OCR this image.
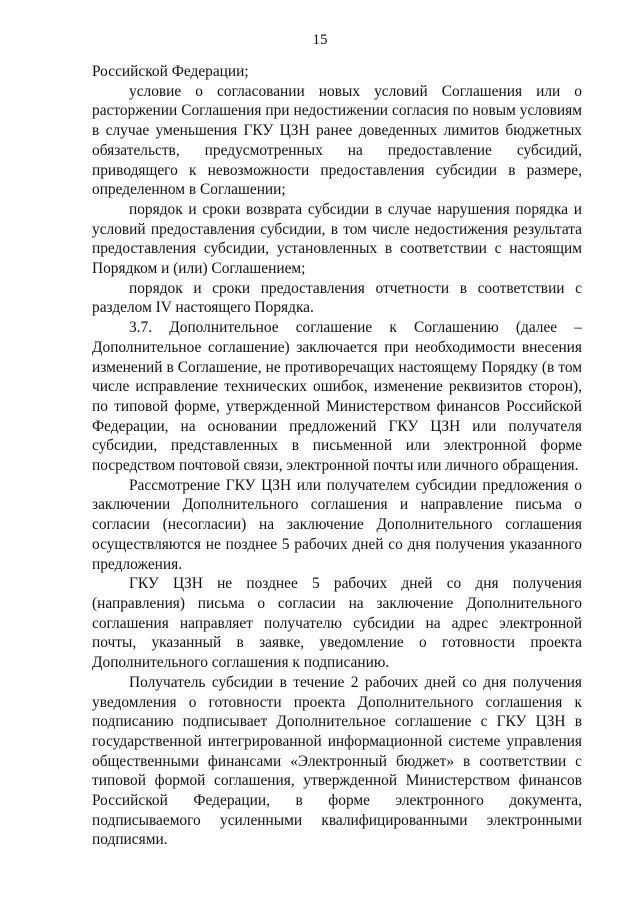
15

Российской Федерации;

условие о согласовании новых условий Соглашения или о расторжении Соглашения при недостижении согласия по новым условиям в случае уменьшения ГКУ ЦЗН ранее доведенных лимитов бюджетных обязательств, предусмотренных на предоставление субсидий, приводящего к невозможности предоставления субсидии в размере, определенном в Соглашении;

порядок и сроки возврата субсидии в случае нарушения порядка и условий предоставления субсидии, в том числе недостижения результата предоставления субсидии, установленных в соответствии с настоящим Порядком и (или) Соглашением;

порядок и сроки предоставления отчетности в соответствии с разделом IV настоящего Порядка.

3.7. Дополнительное соглашение к Соглашению (далее – Дополнительное соглашение) заключается при необходимости внесения изменений в Соглашение, не противоречащих настоящему Порядку (в том числе исправление технических ошибок, изменение реквизитов сторон), по типовой форме, утвержденной Министерством финансов Российской Федерации, на основании предложений ГКУ ЦЗН или получателя субсидии, представленных в письменной или электронной форме посредством почтовой связи, электронной почты или личного обращения.

Рассмотрение ГКУ ЦЗН или получателем субсидии предложения о заключении Дополнительного соглашения и направление письма о согласии (несогласии) на заключение Дополнительного соглашения осуществляются не позднее 5 рабочих дней со дня получения указанного предложения.

ГКУ ЦЗН не позднее 5 рабочих дней со дня получения (направления) письма о согласии на заключение Дополнительного соглашения направляет получателю субсидии на адрес электронной почты, указанный в заявке, уведомление о готовности проекта Дополнительного соглашения к подписанию.

Получатель субсидии в течение 2 рабочих дней со дня получения уведомления о готовности проекта Дополнительного соглашения к подписанию подписывает Дополнительное соглашение с ГКУ ЦЗН в государственной интегрированной информационной системе управления общественными финансами «Электронный бюджет» в соответствии с типовой формой соглашения, утвержденной Министерством финансов Российской Федерации, в форме электронного документа, подписываемого усиленными квалифицированными электронными подписями.
